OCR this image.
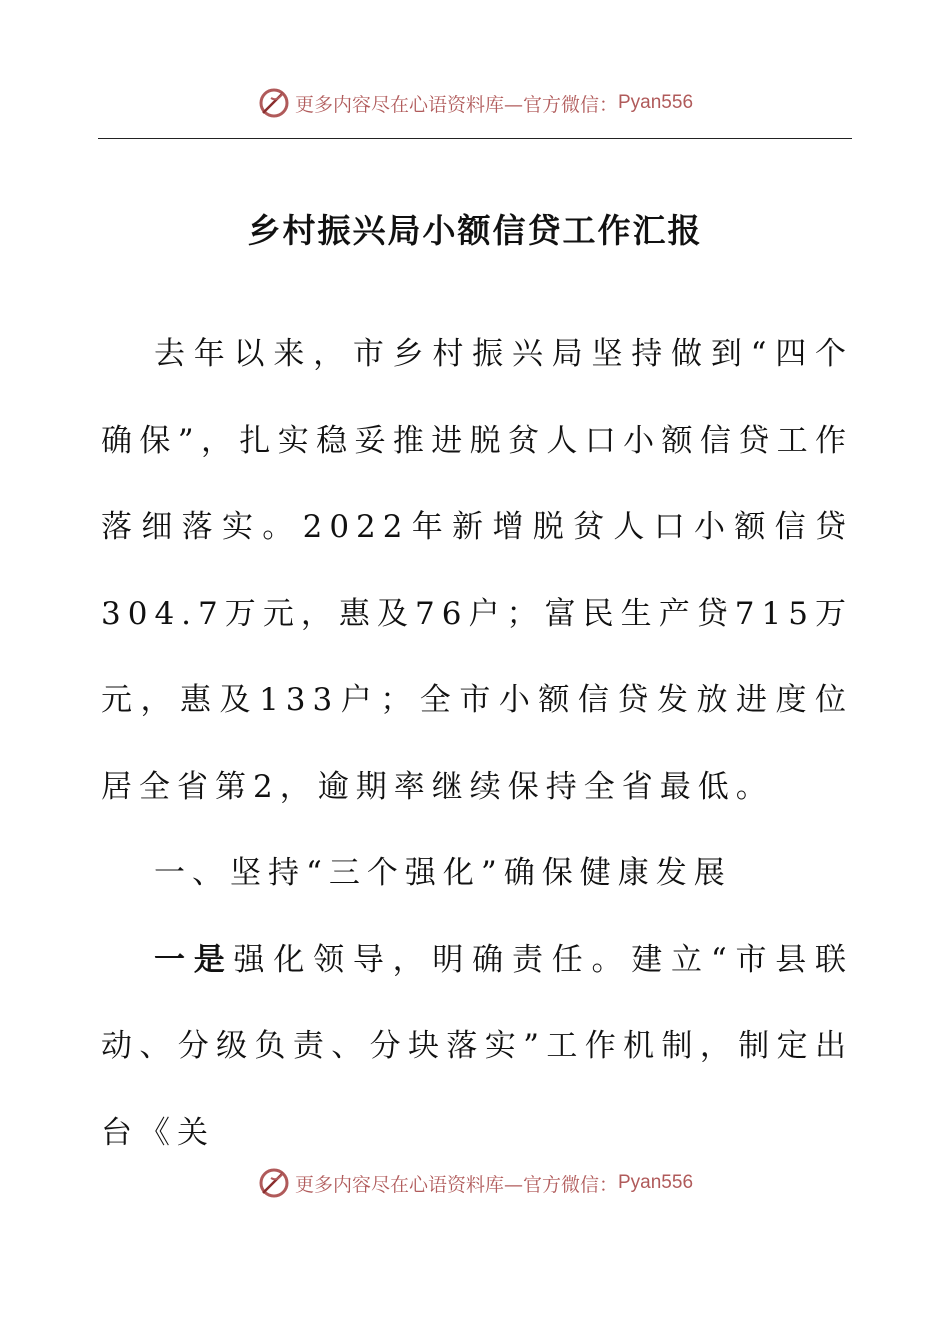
更多内容尽在心语资料库—官方微信： Pyan556
乡村振兴局小额信贷工作汇报

去年以来，市乡村振兴局坚持做到“四个确保”，扎实稳妥推进脱贫人口小额信贷工作落细落实。2022年新增脱贫人口小额信贷304.7万元，惠及76户；富民生产贷715万元，惠及133户；全市小额信贷发放进度位居全省第2，逾期率继续保持全省最低。

一、坚持“三个强化”确保健康发展

一是强化领导，明确责任。建立“市县联动、分级负责、分块落实”工作机制，制定出台《关

更多内容尽在心语资料库—官方微信： Pyan556
